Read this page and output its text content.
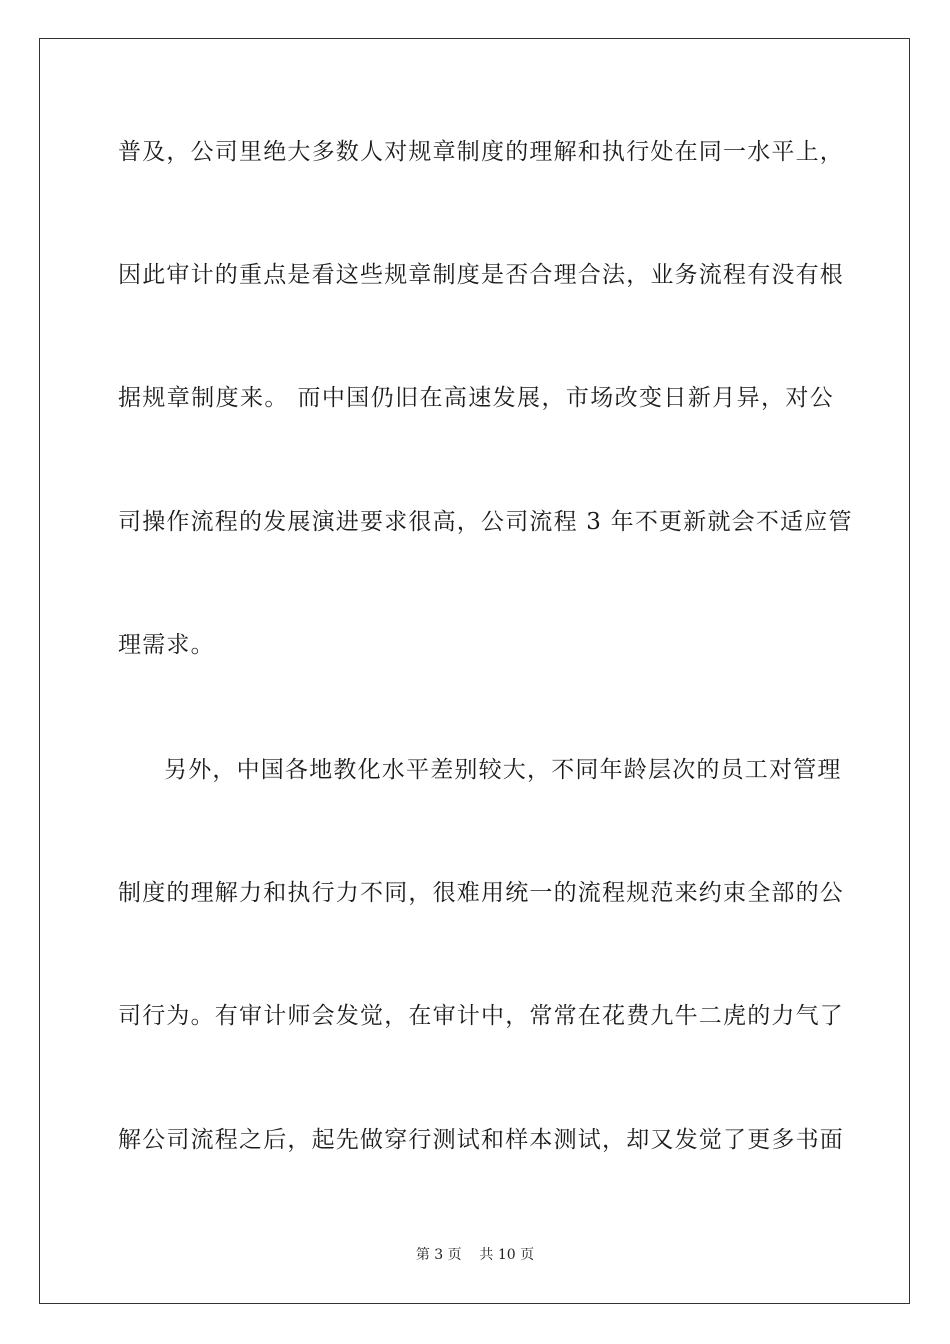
普及，公司里绝大多数人对规章制度的理解和执行处在同一水平上，
因此审计的重点是看这些规章制度是否合理合法，业务流程有没有根
据规章制度来。 而中国仍旧在高速发展，市场改变日新月异，对公
司操作流程的发展演进要求很高，公司流程 3 年不更新就会不适应管
理需求。
另外，中国各地教化水平差别较大，不同年龄层次的员工对管理
制度的理解力和执行力不同，很难用统一的流程规范来约束全部的公
司行为。有审计师会发觉，在审计中，常常在花费九牛二虎的力气了
解公司流程之后，起先做穿行测试和样本测试，却又发觉了更多书面
第 3 页    共 10 页
